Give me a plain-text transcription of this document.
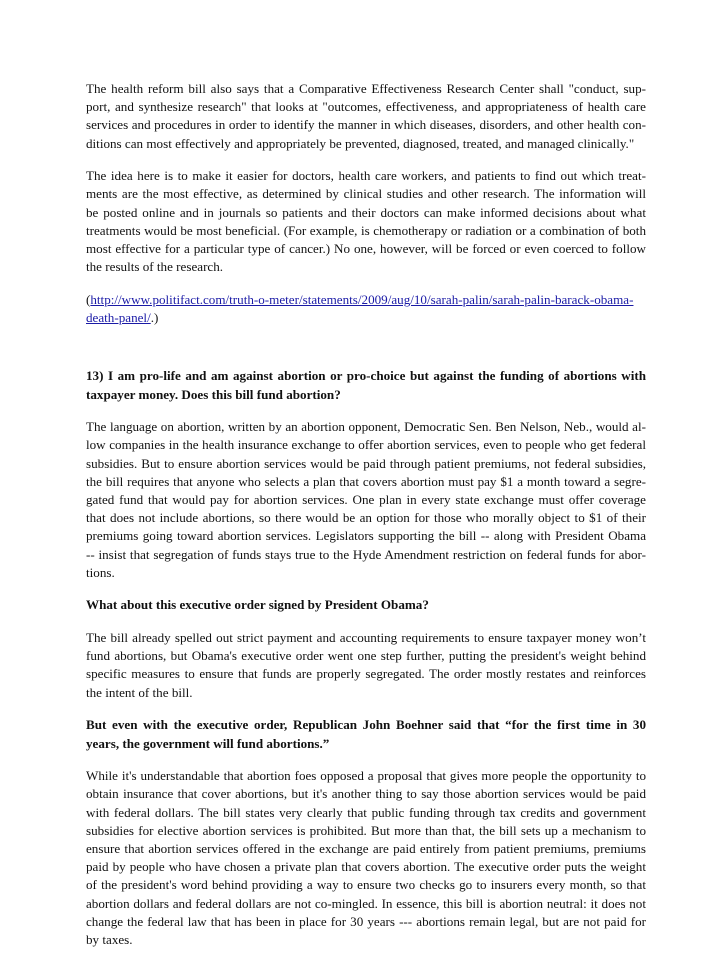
The health reform bill also says that a Comparative Effectiveness Research Center shall "conduct, sup-
port, and synthesize research" that looks at "outcomes, effectiveness, and appropriateness of health care
services and procedures in order to identify the manner in which diseases, disorders, and other health con-
ditions can most effectively and appropriately be prevented, diagnosed, treated, and managed clinically."
The idea here is to make it easier for doctors, health care workers, and patients to find out which treat-
ments are the most effective, as determined by clinical studies and other research. The information will
be posted online and in journals so patients and their doctors can make informed decisions about what
treatments would be most beneficial. (For example, is chemotherapy or radiation or a combination of both
most effective for a particular type of cancer.) No one, however, will be forced or even coerced to follow
the results of the research.
(http://www.politifact.com/truth-o-meter/statements/2009/aug/10/sarah-palin/sarah-palin-barack-obama-
death-panel/.)
13) I am pro-life and am against abortion or pro-choice but against the funding of abortions with
taxpayer money. Does this bill fund abortion?
The language on abortion, written by an abortion opponent, Democratic Sen. Ben Nelson, Neb., would al-
low companies in the health insurance exchange to offer abortion services, even to people who get federal
subsidies. But to ensure abortion services would be paid through patient premiums, not federal subsidies,
the bill requires that anyone who selects a plan that covers abortion must pay $1 a month toward a segre-
gated fund that would pay for abortion services. One plan in every state exchange must offer coverage
that does not include abortions, so there would be an option for those who morally object to $1 of their
premiums going toward abortion services. Legislators supporting the bill -- along with President Obama
-- insist that segregation of funds stays true to the Hyde Amendment restriction on federal funds for abor-
tions.
What about this executive order signed by President Obama?
The bill already spelled out strict payment and accounting requirements to ensure taxpayer money won’t
fund abortions, but Obama's executive order went one step further, putting the president's weight behind
specific measures to ensure that funds are properly segregated. The order mostly restates and reinforces
the intent of the bill.
But even with the executive order, Republican John Boehner said that “for the first time in 30
years, the government will fund abortions.”
While it's understandable that abortion foes opposed a proposal that gives more people the opportunity to
obtain insurance that cover abortions, but it's another thing to say those abortion services would be paid
with federal dollars. The bill states very clearly that public funding through tax credits and government
subsidies for elective abortion services is prohibited. But more than that, the bill sets up a mechanism to
ensure that abortion services offered in the exchange are paid entirely from patient premiums, premiums
paid by people who have chosen a private plan that covers abortion. The executive order puts the weight
of the president's word behind providing a way to ensure two checks go to insurers every month, so that
abortion dollars and federal dollars are not co-mingled. In essence, this bill is abortion neutral: it does not
change the federal law that has been in place for 30 years --- abortions remain legal, but are not paid for
by taxes.
